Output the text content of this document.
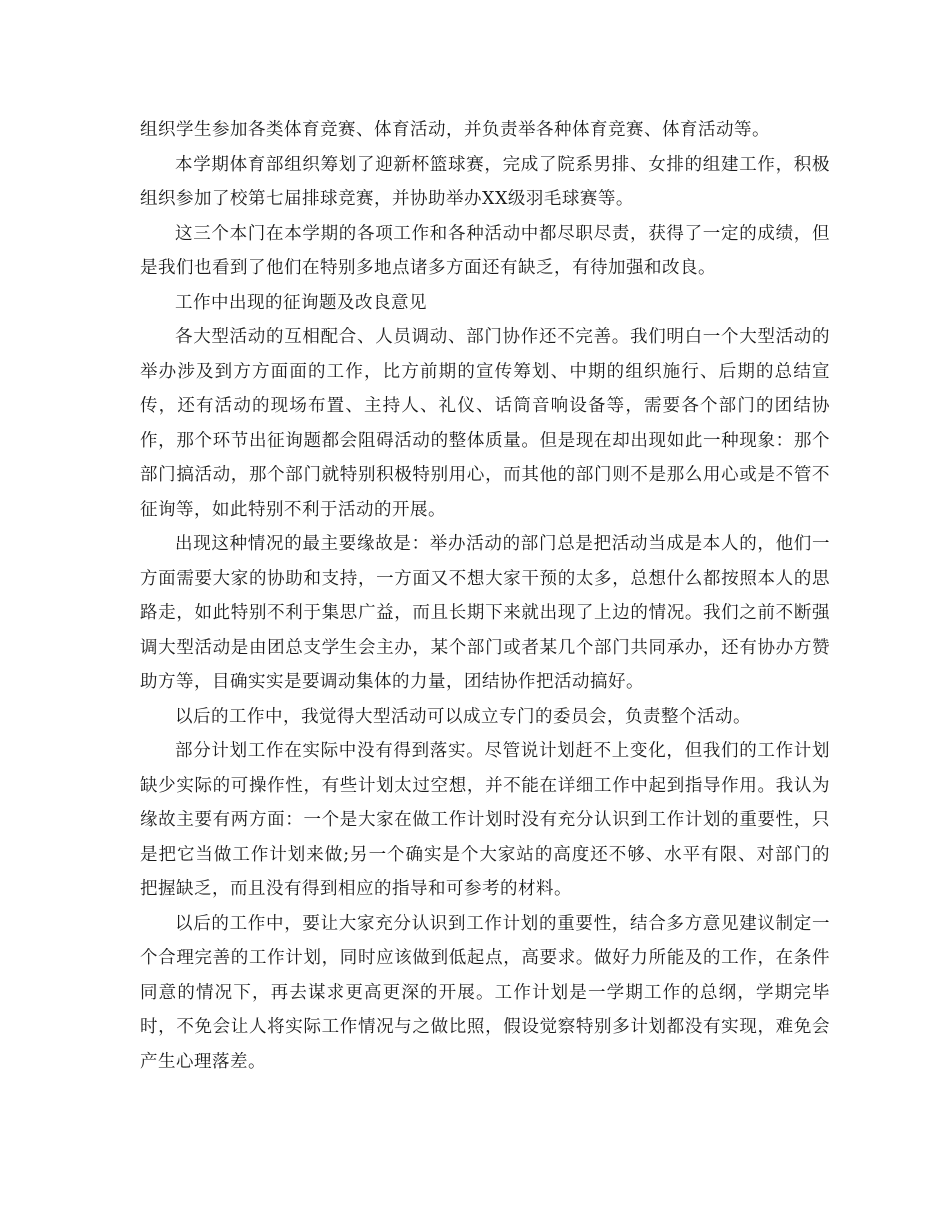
组织学生参加各类体育竞赛、体育活动，并负责举各种体育竞赛、体育活动等。

本学期体育部组织筹划了迎新杯篮球赛，完成了院系男排、女排的组建工作，积极组织参加了校第七届排球竞赛，并协助举办XX级羽毛球赛等。

这三个本门在本学期的各项工作和各种活动中都尽职尽责，获得了一定的成绩，但是我们也看到了他们在特别多地点诸多方面还有缺乏，有待加强和改良。

工作中出现的征询题及改良意见

各大型活动的互相配合、人员调动、部门协作还不完善。我们明白一个大型活动的举办涉及到方方面面的工作，比方前期的宣传筹划、中期的组织施行、后期的总结宣传，还有活动的现场布置、主持人、礼仪、话筒音响设备等，需要各个部门的团结协作，那个环节出征询题都会阻碍活动的整体质量。但是现在却出现如此一种现象：那个部门搞活动，那个部门就特别积极特别用心，而其他的部门则不是那么用心或是不管不征询等，如此特别不利于活动的开展。

出现这种情况的最主要缘故是：举办活动的部门总是把活动当成是本人的，他们一方面需要大家的协助和支持，一方面又不想大家干预的太多，总想什么都按照本人的思路走，如此特别不利于集思广益，而且长期下来就出现了上边的情况。我们之前不断强调大型活动是由团总支学生会主办，某个部门或者某几个部门共同承办，还有协办方赞助方等，目确实实是要调动集体的力量，团结协作把活动搞好。

以后的工作中，我觉得大型活动可以成立专门的委员会，负责整个活动。

部分计划工作在实际中没有得到落实。尽管说计划赶不上变化，但我们的工作计划缺少实际的可操作性，有些计划太过空想，并不能在详细工作中起到指导作用。我认为缘故主要有两方面：一个是大家在做工作计划时没有充分认识到工作计划的重要性，只是把它当做工作计划来做;另一个确实是个大家站的高度还不够、水平有限、对部门的把握缺乏，而且没有得到相应的指导和可参考的材料。

以后的工作中，要让大家充分认识到工作计划的重要性，结合多方意见建议制定一个合理完善的工作计划，同时应该做到低起点，高要求。做好力所能及的工作，在条件同意的情况下，再去谋求更高更深的开展。工作计划是一学期工作的总纲，学期完毕时，不免会让人将实际工作情况与之做比照，假设觉察特别多计划都没有实现，难免会产生心理落差。
